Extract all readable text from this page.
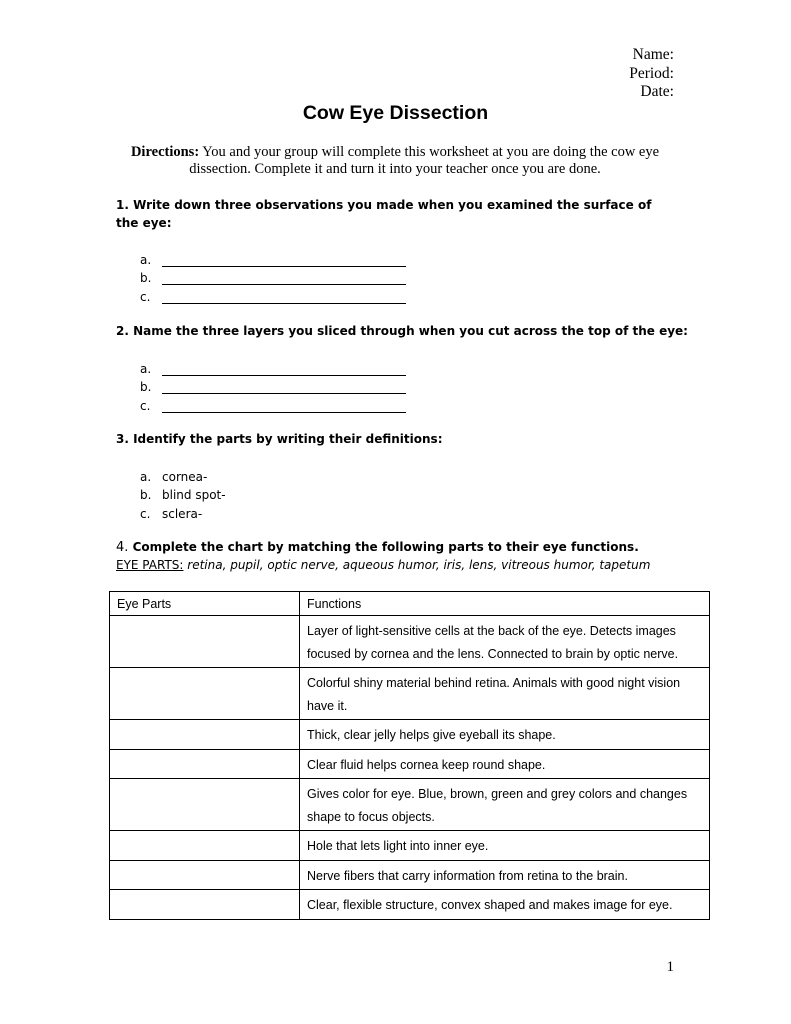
Name:
Period:
Date:
Cow Eye Dissection
Directions: You and your group will complete this worksheet at you are doing the cow eye dissection. Complete it and turn it into your teacher once you are done.
1. Write down three observations you made when you examined the surface of the eye:
a.
b.
c.
2. Name the three layers you sliced through when you cut across the top of the eye:
a.
b.
c.
3. Identify the parts by writing their definitions:
a. cornea-
b. blind spot-
c. sclera-
4. Complete the chart by matching the following parts to their eye functions.
EYE PARTS: retina, pupil, optic nerve, aqueous humor, iris, lens, vitreous humor, tapetum
Eye Parts	Functions
	Layer of light-sensitive cells at the back of the eye. Detects images focused by cornea and the lens. Connected to brain by optic nerve.
	Colorful shiny material behind retina. Animals with good night vision have it.
	Thick, clear jelly helps give eyeball its shape.
	Clear fluid helps cornea keep round shape.
	Gives color for eye. Blue, brown, green and grey colors and changes shape to focus objects.
	Hole that lets light into inner eye.
	Nerve fibers that carry information from retina to the brain.
	Clear, flexible structure, convex shaped and makes image for eye.
1
